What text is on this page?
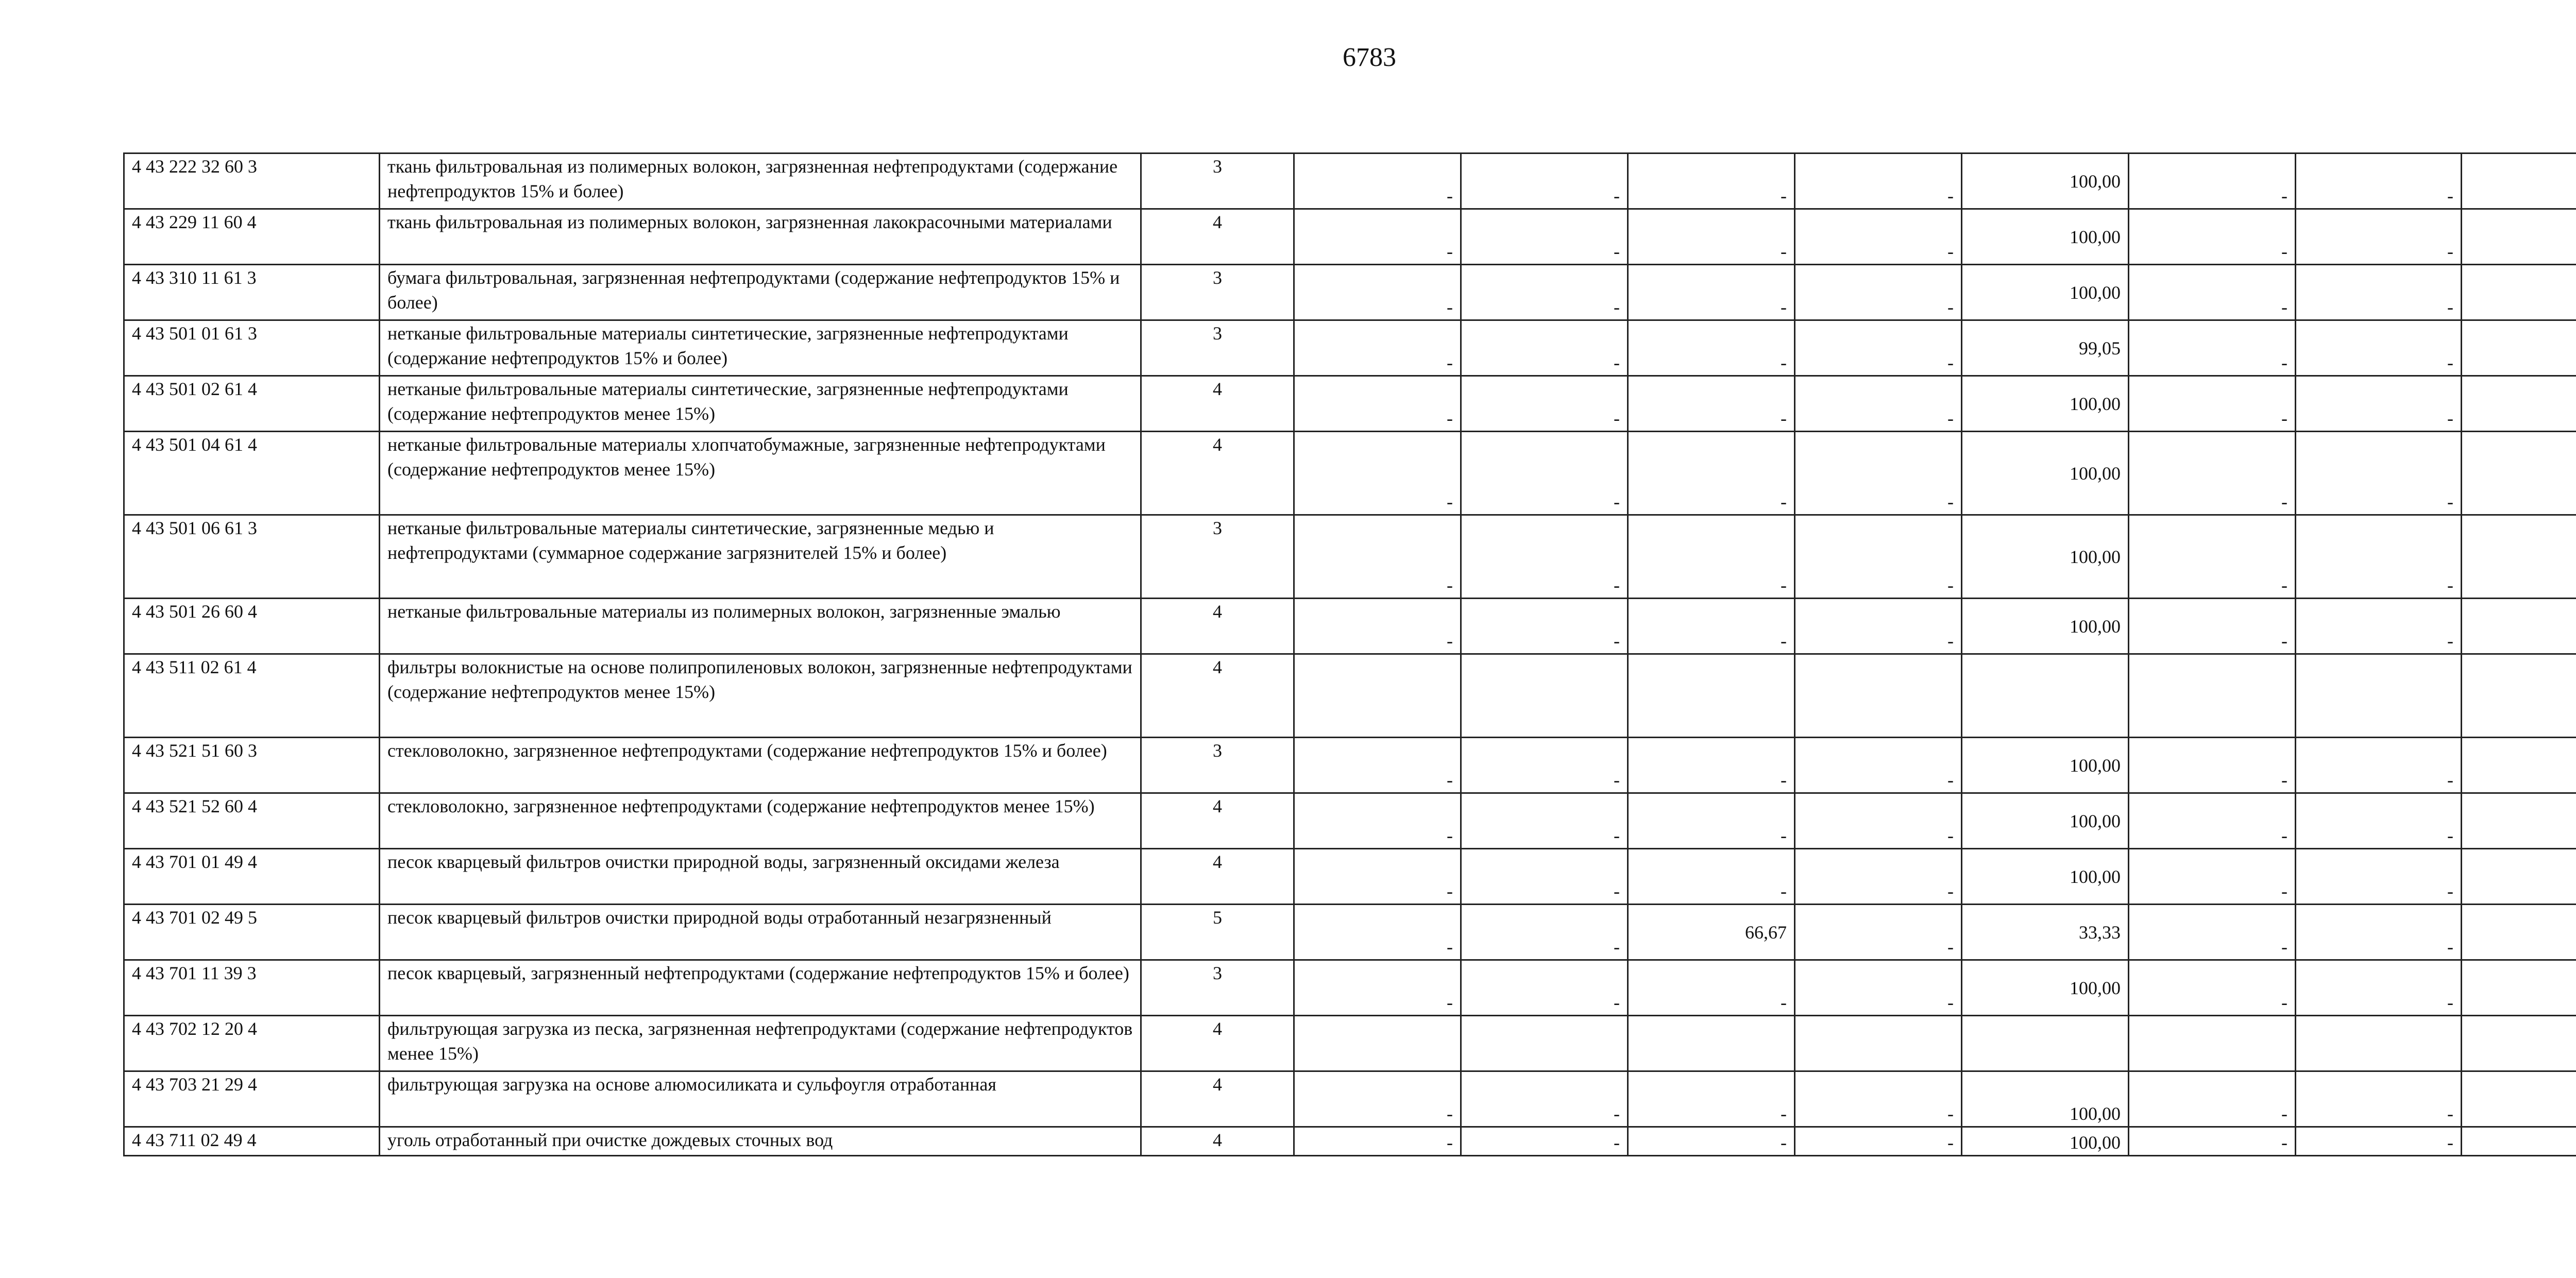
6783
4 43 222 32 60 3	ткань фильтровальная из полимерных волокон, загрязненная нефтепродуктами (содержание нефтепродуктов 15% и более)	3	-	-	-	-	100,00	-	-	
4 43 229 11 60 4	ткань фильтровальная из полимерных волокон, загрязненная лакокрасочными материалами	4	-	-	-	-	100,00	-	-	
4 43 310 11 61 3	бумага фильтровальная, загрязненная нефтепродуктами (содержание нефтепродуктов 15% и более)	3	-	-	-	-	100,00	-	-	
4 43 501 01 61 3	нетканые фильтровальные материалы синтетические, загрязненные нефтепродуктами (содержание нефтепродуктов 15% и более)	3	-	-	-	-	99,05	-	-	
4 43 501 02 61 4	нетканые фильтровальные материалы синтетические, загрязненные нефтепродуктами (содержание нефтепродуктов менее 15%)	4	-	-	-	-	100,00	-	-	
4 43 501 04 61 4	нетканые фильтровальные материалы хлопчатобумажные, загрязненные нефтепродуктами (содержание нефтепродуктов менее 15%)	4	-	-	-	-	100,00	-	-	
4 43 501 06 61 3	нетканые фильтровальные материалы синтетические, загрязненные медью и нефтепродуктами (суммарное содержание загрязнителей 15% и более)	3	-	-	-	-	100,00	-	-	
4 43 501 26 60 4	нетканые фильтровальные материалы из полимерных волокон, загрязненные эмалью	4	-	-	-	-	100,00	-	-	
4 43 511 02 61 4	фильтры волокнистые на основе полипропиленовых волокон, загрязненные нефтепродуктами (содержание нефтепродуктов менее 15%)	4								
4 43 521 51 60 3	стекловолокно, загрязненное нефтепродуктами (содержание нефтепродуктов 15% и более)	3	-	-	-	-	100,00	-	-	
4 43 521 52 60 4	стекловолокно, загрязненное нефтепродуктами (содержание нефтепродуктов менее 15%)	4	-	-	-	-	100,00	-	-	
4 43 701 01 49 4	песок кварцевый фильтров очистки природной воды, загрязненный оксидами железа	4	-	-	-	-	100,00	-	-	
4 43 701 02 49 5	песок кварцевый фильтров очистки природной воды отработанный незагрязненный	5	-	-	66,67	-	33,33	-	-	
4 43 701 11 39 3	песок кварцевый, загрязненный нефтепродуктами (содержание нефтепродуктов 15% и более)	3	-	-	-	-	100,00	-	-	
4 43 702 12 20 4	фильтрующая загрузка из песка, загрязненная нефтепродуктами (содержание нефтепродуктов менее 15%)	4								
4 43 703 21 29 4	фильтрующая загрузка на основе алюмосиликата и сульфоугля отработанная	4	-	-	-	-	100,00	-	-	
4 43 711 02 49 4	уголь отработанный при очистке дождевых сточных вод	4	-	-	-	-	100,00	-	-	
